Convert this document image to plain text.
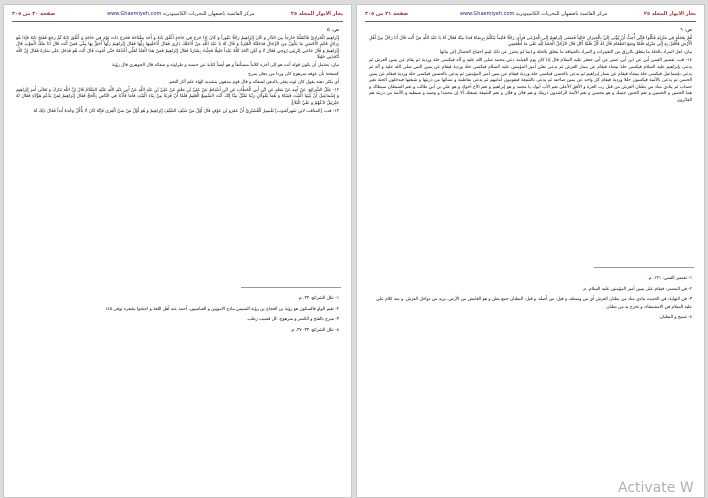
صفحة ٣٠ من ٣٠٥	www.Ghaemiyeh.com مركز القائمية باصفهان للتحريات الكامپيوترية	بحار الانوار المجلد ٢٥
ص: ٥

إِبْرَاهِيمَ الْمُرَادِيَّ فَانْتَقَلْنَا خَارِجاً مِنَ الدَّارِ وَ كَانَ إِبْرَاهِيمُ رَجُلًا غَيُوراً وَ كَانَ إِذَا خَرَجَ فِي حَاجَةٍ أَغْلَقَ بَابَهُ وَ أَخَذَ مِفْتَاحَهُ فَخَرَجَ ذَاتَ يَوْمٍ فِي حَاجَةٍ وَ أَغْلَقَ بَابَهُ ثُمَّ رَجَعَ فَفَتَحَ بَابَهُ فَإِذَا هُوَ بِرَجُلٍ قَائِمٍ كَأَحْسَنِ مَا يَكُونُ مِنَ الرِّجَالِ فَدَخَلَتْهُ الْغَيْرَةُ وَ قَالَ لَهُ يَا عَبْدَ اللَّهِ مَنْ أَدْخَلَكَ دَارِي فَقَالَ أَدْخَلَنِيهَا رَبُّهَا فَقَالَ إِبْرَاهِيمُ رَبُّهَا أَحَقُّ بِهَا مِنِّي فَمَنْ أَنْتَ قَالَ أَنَا مَلَكُ الْمَوْتِ قَالَ إِبْرَاهِيمُ وَ قَالَ جَاءَنِي لِتُرِيَنِي رُوحِي فَقَالَ لَا وَ لَكِنِ اتَّخَذَ اللَّهُ عَبْداً خَلِيلًا فَجِئْتُ بِشَارَةً فَقَالَ إِبْرَاهِيمُ فَمَنْ هَذَا الْعَبْدُ لَعَلِّي أَخْدُمُهُ حَتَّى أَمُوتَ قَالَ أَنْتَ هُوَ فَدَخَلَ عَلَى سَارَةَ فَقَالَ إِنَّ اللَّهَ اتَّخَذَنِي خَلِيلًا

بيان: يحتمل أن يكون قوله أنت هو إلى آخره كلاماً مستأنفاً و هو أيضاً كناية عن حسنه و طراوته و صفائه قال الجوهري قال رؤبة

كصفحة بأن عوفه سرهوج كان وردا من دهان يمرج

أي يكثر دهنه يقول كان لونه يعلى بالدهن لصفائه و قال قوم مدهون بتشديد الهاء علم آثار النعم.

١٢- عِلَلُ الشَّرَائِعِ: عَنْ أَبِيهِ عَنْ سَعْدٍ عَنِ ابْنِ أَبِي الْخَطَّابِ عَنِ ابْنِ أَسْبَاطٍ عَنْ عَلِيِّ بْنِ مَعْبَدٍ عَنْ عَلِيِّ بْنِ عَبْدِ اللَّهِ عَنْ أَبِي عَبْدِ اللَّهِ عَلَيْهِ السَّلَامُ قَالَ إِنَّ اللَّهَ تَبَارَكَ وَ تَعَالَى أَمَرَ إِبْرَاهِيمَ وَ إِسْمَاعِيلَ أَنْ يَبْنِيَا الْبَيْتَ فَبَنَيَاهُ وَ هُمَا يَقُولَانِ رَبَّنا تَقَبَّلْ مِنَّا إِنَّكَ أَنْتَ السَّمِيعُ الْعَلِيمُ فَلَمَّا أَنْ فَرَغَا مِنْ بِنَاءِ الْبَيْتِ قَامَا فَأَذَّنَا فِي النَّاسِ بِالْحَجِّ فَقَالَ إِبْرَاهِيمُ لِمَنْ يَدْعُو هَؤُلَاءِ فَقَالَ لَهُ جَبْرَئِيلُ ادْعُهُمْ وَ عَلَيَّ الْبَلَاغُ

١٣- قب، [المناقب لابن شهرآشوب] تَفْسِيرُ الْقُشَيْرِيِّ أَنَّ عَمْرَو بْنَ عَوْفٍ قَالَ أَوَّلُ مَنْ ضَيَّفَ الضَّيْفَ إِبْرَاهِيمُ وَ هُوَ أَوَّلُ مَنْ سَنَّ الْقِرَى فَإِنَّهُ كَانَ لَا يَأْكُلُ وَحْدَهُ أَبَداً فَقَالَ ذَلِكَ لَهُ

١- علل الشرائع: ٣٣. م.
٢- بغيم الواو فالسكون هو رؤبة بن العجاج بن رؤبة التميمي مادح الامويين و العباسيين، أحمد عنه أهل اللغة و احتجوا بشعره توفى ١٤٥
٣- سرج بالفتح و الكسر و سرهوج: كل قضيب رطب.
٤- علل الشرائع: ٣٣- ٣٧. م.
صفحة ٣١ من ٣٠٥	www.Ghaemiyeh.com مركز القائمية باصفهان للتحريات الكامپيوترية	بحار الانوار المجلد ٢٥
ص: ٦

قُمْ بِعَجَلَةٍ فِي مَنْزِلِهِ فَكُلُوا فَإِنِّي أُحِبُّ أَنْ يُؤْتَى إِلَيَّ بِالْجِيرَانِ خَالِياً فَمَضَى إِبْرَاهِيمُ إِلَى الْمَرْعَى فَرَأَى رَجُلًا قَائِماً يَتَكَلَّمُ بِرِضَاهُ فَدَنَا مِنْهُ فَقَالَ لَهُ يَا عَبْدَ اللَّهِ مَنْ أَنْتَ قَالَ أَنَا رَجُلٌ مِنْ أَهْلِ الْأَرْضِ فَأَقْبَلَ بِهِ إِلَى مَنْزِلِهِ فَلَمَّا وَضَعَ الطَّعَامَ قَالَ لَهُ كُلْ فَلَمَّا أَكَلَ قَالَ الرَّجُلُ الْحَمْدُ لِلَّهِ عَلَى مَا أَطْعَمَنِي

بيان: لعل المراد بالحلة ما يتعلق بالرزق من التعبيرات و المراد بالضيافة ما يتعلق بالخلة و إنما لم يحترز عن ذلك ليتم احتياج الخصال إلى بيانها

١٤- قب، تفسير القمي أبي عن ابن أبي عمير عن أبي جعفر عليه السلام قال إذا كان يوم القيامة دعي محمد صلى الله عليه و آله فيكسى حلة وردية ثم يقام عن يمين العرش ثم يدعى بإبراهيم عليه السلام فيكسى حلة بيضاء فيقام عن يسار العرش ثم يدعى بعلي أمير المؤمنين عليه السلام فيكسى حلة وردية فيقام عن يمين النبي صلى الله عليه و آله ثم يدعى بإسماعيل فيكسى حلة بيضاء فيقام عن يسار إبراهيم ثم يدعى بالحسن فيكسى حلة وردية فيقام عن يمين أمير المؤمنين ثم يدعى بالحسين فيكسى حلة وردية فيقام عن يمين الحسن ثم يدعى بالأئمة فيكسون حللا وردية فيقام كل واحد عن يمين صاحبه ثم يدعى بالشيعة فيقومون أمامهم ثم يدعى بفاطمة و نسائها من ذريتها و شيعتها فيدخلون الجنة بغير حساب ثم ينادي مناد من بطنان العرش من قبل رب العزة و الأفق الأعلى نعم الأب أبوك يا محمد و هو إبراهيم و نعم الأخ أخوك و هو علي بن أبي طالب و نعم السبطان سبطاك و هما الحسن و الحسين و نعم الجنين جنينك و هو محسن و نعم الأئمة الراشدون ذريتك و هم فلان و فلان و نعم الشيعة شيعتك ألا إن محمدا و وصيه و سبطيه و الأئمة من ذريته هم الفائزون

١- تفسير القمي: ١٣١. م.
٢- في المصدر: فيقام على يمين أمير المؤمنين عليه السلام. م.
٣- في النهاية: في الحديث ينادي مناد من بطنان العرش أي من وسطه، و قيل: من أصله، و قيل: البطنان جمع بطن و هو الغامض من الأرض، يريد من دواخل العرش. و منه كلام علي عليه السلام في الاستسقاء: و تخرج به من بطنان
٤- تسبح و البطنان.
Activate W
